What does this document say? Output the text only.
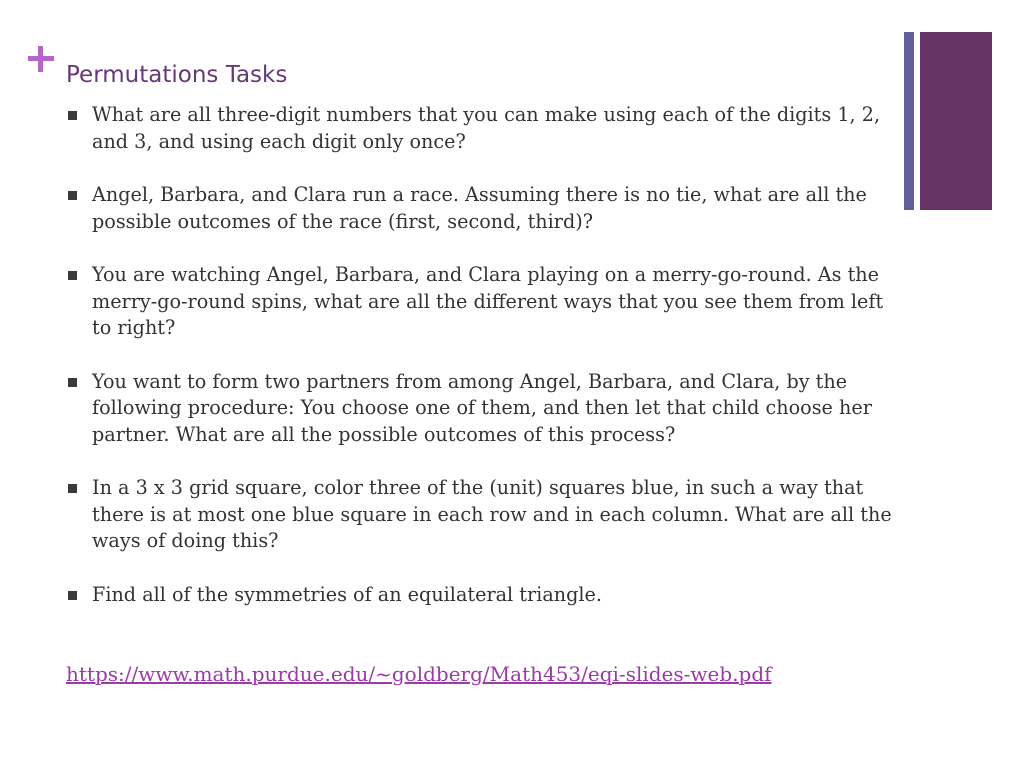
Permutations Tasks
What are all three-digit numbers that you can make using each of the digits 1, 2, and 3, and using each digit only once?
Angel, Barbara, and Clara run a race. Assuming there is no tie, what are all the possible outcomes of the race (first, second, third)?
You are watching Angel, Barbara, and Clara playing on a merry-go-round. As the merry-go-round spins, what are all the different ways that you see them from left to right?
You want to form two partners from among Angel, Barbara, and Clara, by the following procedure: You choose one of them, and then let that child choose her partner. What are all the possible outcomes of this process?
In a 3 x 3 grid square, color three of the (unit) squares blue, in such a way that there is at most one blue square in each row and in each column. What are all the ways of doing this?
Find all of the symmetries of an equilateral triangle.
https://www.math.purdue.edu/~goldberg/Math453/eqi-slides-web.pdf
